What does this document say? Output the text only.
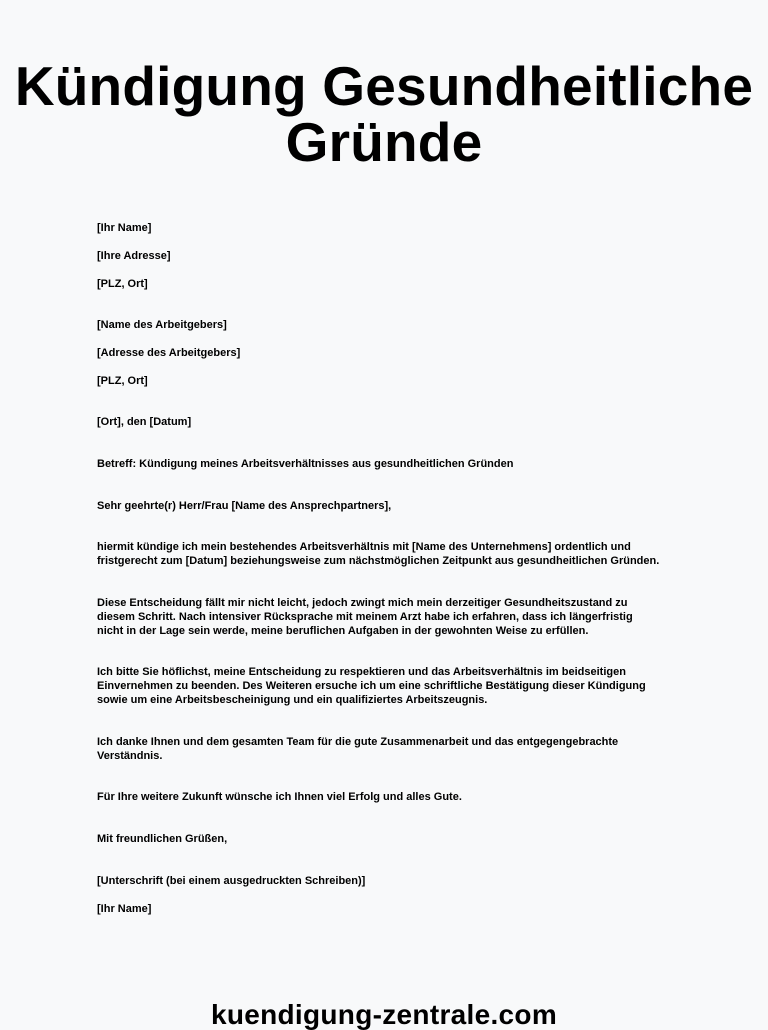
Kündigung Gesundheitliche
Gründe
[Ihr Name]
[Ihre Adresse]
[PLZ, Ort]
[Name des Arbeitgebers]
[Adresse des Arbeitgebers]
[PLZ, Ort]
[Ort], den [Datum]
Betreff: Kündigung meines Arbeitsverhältnisses aus gesundheitlichen Gründen
Sehr geehrte(r) Herr/Frau [Name des Ansprechpartners],

hiermit kündige ich mein bestehendes Arbeitsverhältnis mit [Name des Unternehmens] ordentlich und

fristgerecht zum [Datum] beziehungsweise zum nächstmöglichen Zeitpunkt aus gesundheitlichen Gründen.

Diese Entscheidung fällt mir nicht leicht, jedoch zwingt mich mein derzeitiger Gesundheitszustand zu

diesem Schritt. Nach intensiver Rücksprache mit meinem Arzt habe ich erfahren, dass ich längerfristig

nicht in der Lage sein werde, meine beruflichen Aufgaben in der gewohnten Weise zu erfüllen.

Ich bitte Sie höflichst, meine Entscheidung zu respektieren und das Arbeitsverhältnis im beidseitigen

Einvernehmen zu beenden. Des Weiteren ersuche ich um eine schriftliche Bestätigung dieser Kündigung

sowie um eine Arbeitsbescheinigung und ein qualifiziertes Arbeitszeugnis.

Ich danke Ihnen und dem gesamten Team für die gute Zusammenarbeit und das entgegengebrachte

Verständnis.

Für Ihre weitere Zukunft wünsche ich Ihnen viel Erfolg und alles Gute.

Mit freundlichen Grüßen,
[Unterschrift (bei einem ausgedruckten Schreiben)]
[Ihr Name]
kuendigung-zentrale.com
